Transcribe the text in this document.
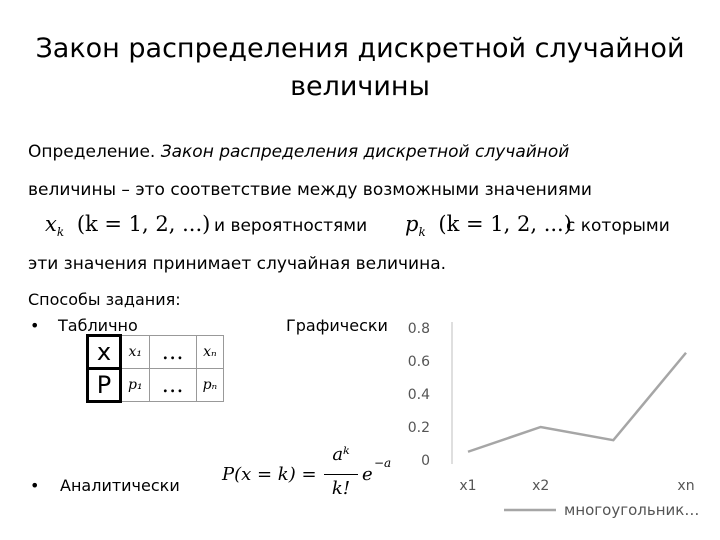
Закон распределения дискретной случайной
величины
Определение. Закон распределения дискретной случайной
величины – это соответствие между возможными значениями
$x_k$ (k = 1, 2, ...) и вероятностями $p_k$ (k = 1, 2, ...)
с которыми
эти значения принимает случайная величина.
Способы задания:
• Таблично	Графически
• Аналитически
x	x₁	…	xₙ
P	p₁	…	pₙ
P(x = k) =
aᵏ
k!
e
−a 0
0.2
0.4
0.6
0.8
x1	x2	xn
многоугольник…
